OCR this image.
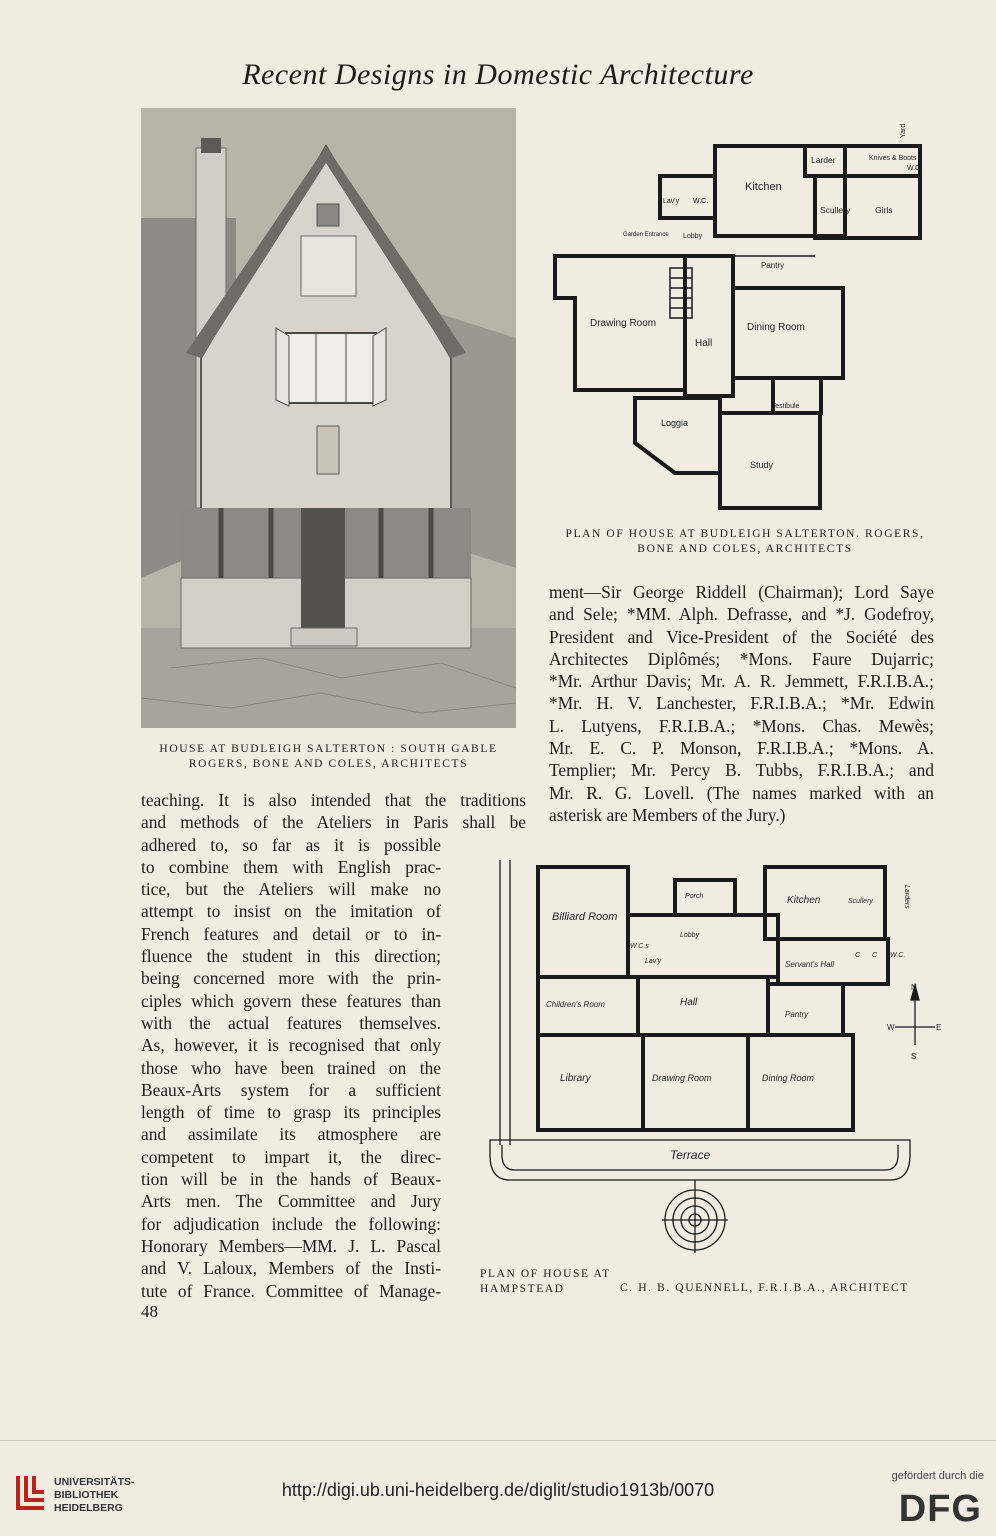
Recent Designs in Domestic Architecture
HOUSE AT BUDLEIGH SALTERTON : SOUTH GABLE
ROGERS, BONE AND COLES, ARCHITECTS
Larder	Knives & Boots
Yard
Lav'y W.C.
W.C.
Kitchen
Scullery	Girls
Lobby
Garden Entrance
Pantry
Drawing Room	Dining Room
Hall
Vestibule
Loggia
Study
PLAN OF HOUSE AT BUDLEIGH SALTERTON. ROGERS,
BONE AND COLES, ARCHITECTS
ment—Sir George Riddell (Chairman); Lord Saye
and Sele; *MM. Alph. Defrasse, and *J. Godefroy,
President and Vice-President of the Société des
Architectes Diplômés; *Mons. Faure Dujarric;
*Mr. Arthur Davis; Mr. A. R. Jemmett, F.R.I.B.A.;
*Mr. H. V. Lanchester, F.R.I.B.A.; *Mr. Edwin
L. Lutyens, F.R.I.B.A.; *Mons. Chas. Mewès;
Mr. E. C. P. Monson, F.R.I.B.A.; *Mons. A.
Templier; Mr. Percy B. Tubbs, F.R.I.B.A.; and
Mr. R. G. Lovell. (The names marked with an
asterisk are Members of the Jury.)
teaching. It is also intended that the traditions
and methods of the Ateliers in Paris shall be
adhered to, so far as it is possible
to combine them with English prac-
tice, but the Ateliers will make no
attempt to insist on the imitation of
French features and detail or to in-
fluence the student in this direction;
being concerned more with the prin-
ciples which govern these features than
with the actual features themselves.
As, however, it is recognised that only
those who have been trained on the
Beaux-Arts system for a sufficient
length of time to grasp its principles
and assimilate its atmosphere are
competent to impart it, the direc-
tion will be in the hands of Beaux-
Arts men. The Committee and Jury
for adjudication include the following:
Honorary Members—MM. J. L. Pascal
and V. Laloux, Members of the Insti-
tute of France. Committee of Manage-
48
Porch	Kitchen	Scullery	Larders
Billiard Room
Lobby
W.C.s
Lav'y	Servant's Hall
C C W.C.
Children's Room	Hall
Pantry
Library	Drawing Room	Dining Room
Terrace
N
S
E
W
PLAN OF HOUSE AT HAMPSTEAD	C. H. B. QUENNELL, F.R.I.B.A., ARCHITECT
UNIVERSITÄTS-
BIBLIOTHEK
HEIDELBERG
http://digi.ub.uni-heidelberg.de/diglit/studio1913b/0070
gefördert durch die
DFG
